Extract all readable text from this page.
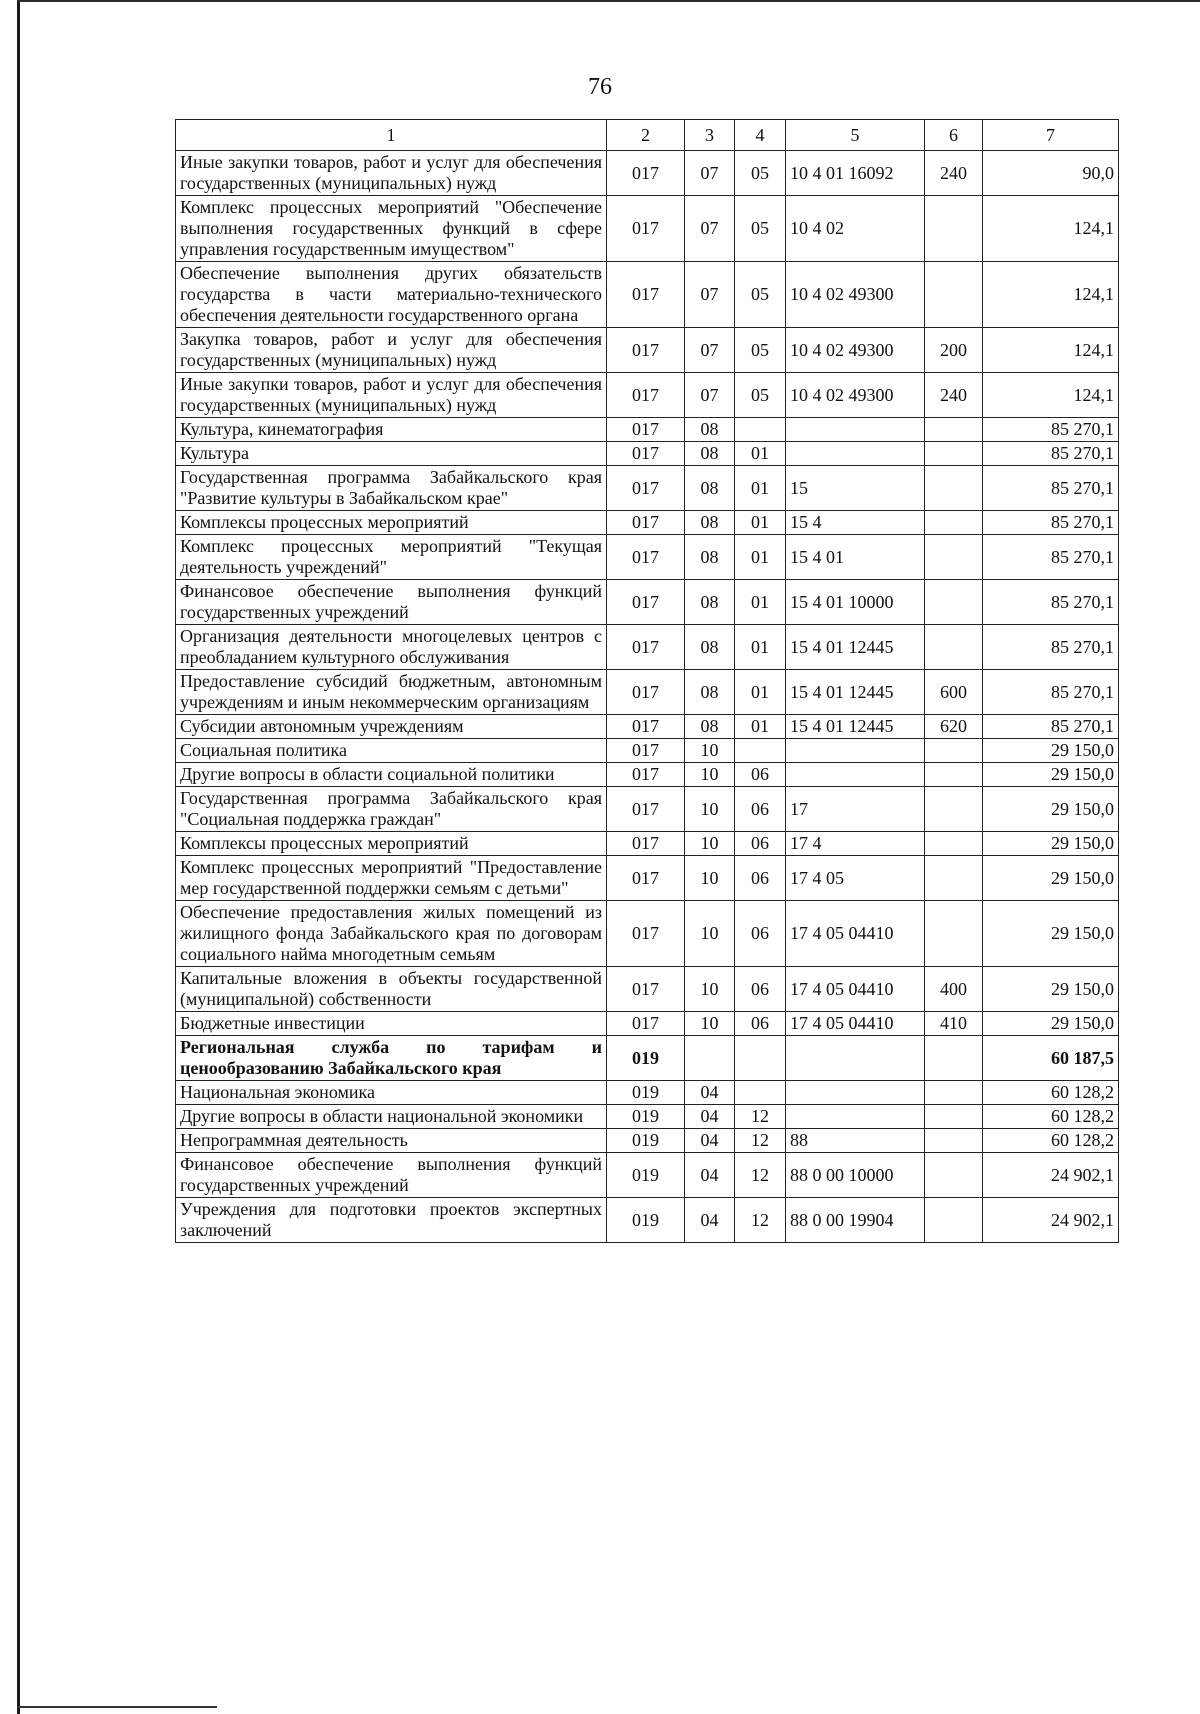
76
1	2	3	4	5	6	7
Иные закупки товаров, работ и услуг для обеспечения государственных (муниципальных) нужд	017	07	05	10 4 01 16092	240	90,0
Комплекс процессных мероприятий "Обеспечение выполнения государственных функций в сфере управления государственным имуществом"	017	07	05	10 4 02		124,1
Обеспечение выполнения других обязательств государства в части материально-технического обеспечения деятельности государственного органа	017	07	05	10 4 02 49300		124,1
Закупка товаров, работ и услуг для обеспечения государственных (муниципальных) нужд	017	07	05	10 4 02 49300	200	124,1
Иные закупки товаров, работ и услуг для обеспечения государственных (муниципальных) нужд	017	07	05	10 4 02 49300	240	124,1
Культура, кинематография	017	08				85 270,1
Культура	017	08	01			85 270,1
Государственная программа Забайкальского края "Развитие культуры в Забайкальском крае"	017	08	01	15		85 270,1
Комплексы процессных мероприятий	017	08	01	15 4		85 270,1
Комплекс процессных мероприятий "Текущая деятельность учреждений"	017	08	01	15 4 01		85 270,1
Финансовое обеспечение выполнения функций государственных учреждений	017	08	01	15 4 01 10000		85 270,1
Организация деятельности многоцелевых центров с преобладанием культурного обслуживания	017	08	01	15 4 01 12445		85 270,1
Предоставление субсидий бюджетным, автономным учреждениям и иным некоммерческим организациям	017	08	01	15 4 01 12445	600	85 270,1
Субсидии автономным учреждениям	017	08	01	15 4 01 12445	620	85 270,1
Социальная политика	017	10				29 150,0
Другие вопросы в области социальной политики	017	10	06			29 150,0
Государственная программа Забайкальского края "Социальная поддержка граждан"	017	10	06	17		29 150,0
Комплексы процессных мероприятий	017	10	06	17 4		29 150,0
Комплекс процессных мероприятий "Предоставление мер государственной поддержки семьям с детьми"	017	10	06	17 4 05		29 150,0
Обеспечение предоставления жилых помещений из жилищного фонда Забайкальского края по договорам социального найма многодетным семьям	017	10	06	17 4 05 04410		29 150,0
Капитальные вложения в объекты государственной (муниципальной) собственности	017	10	06	17 4 05 04410	400	29 150,0
Бюджетные инвестиции	017	10	06	17 4 05 04410	410	29 150,0
Региональная служба по тарифам и ценообразованию Забайкальского края	019					60 187,5
Национальная экономика	019	04				60 128,2
Другие вопросы в области национальной экономики	019	04	12			60 128,2
Непрограммная деятельность	019	04	12	88		60 128,2
Финансовое обеспечение выполнения функций государственных учреждений	019	04	12	88 0 00 10000		24 902,1
Учреждения для подготовки проектов экспертных заключений	019	04	12	88 0 00 19904		24 902,1
